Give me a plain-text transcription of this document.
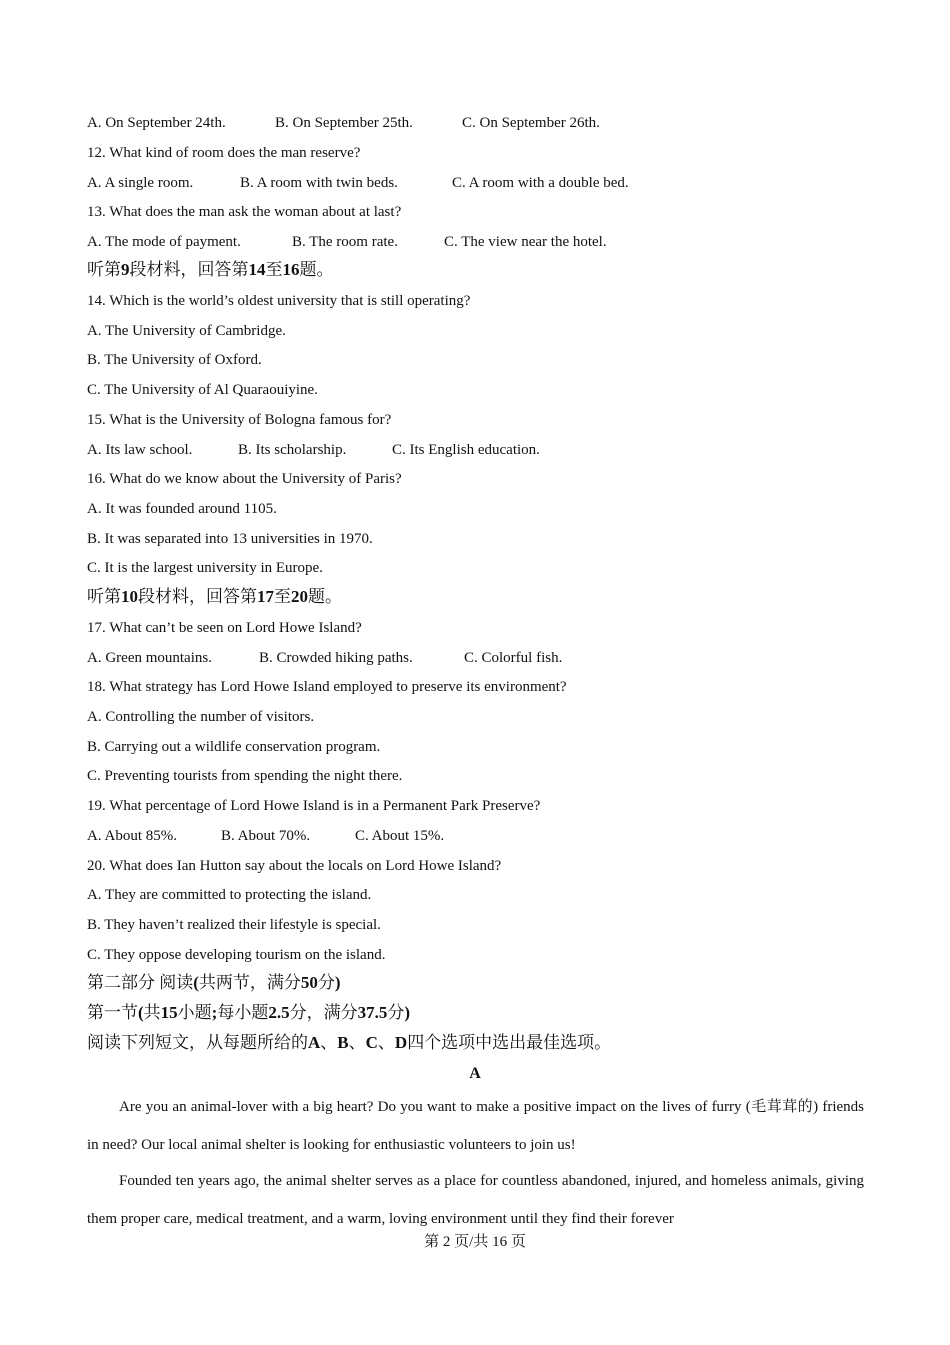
A. On September 24th.	B. On September 25th.	C. On September 26th.
12. What kind of room does the man reserve?
A. A single room.	B. A room with twin beds.	C. A room with a double bed.
13. What does the man ask the woman about at last?
A. The mode of payment.	B. The room rate.	C. The view near the hotel.
听第9段材料，回答第14至16题。
14. Which is the world’s oldest university that is still operating?
A. The University of Cambridge.
B. The University of Oxford.
C. The University of Al Quaraouiyine.
15. What is the University of Bologna famous for?
A. Its law school.	B. Its scholarship.	C. Its English education.
16. What do we know about the University of Paris?
A. It was founded around 1105.
B. It was separated into 13 universities in 1970.
C. It is the largest university in Europe.
听第10段材料，回答第17至20题。
17. What can’t be seen on Lord Howe Island?
A. Green mountains.	B. Crowded hiking paths.	C. Colorful fish.
18. What strategy has Lord Howe Island employed to preserve its environment?
A. Controlling the number of visitors.
B. Carrying out a wildlife conservation program.
C. Preventing tourists from spending the night there.
19. What percentage of Lord Howe Island is in a Permanent Park Preserve?
A. About 85%.	B. About 70%.	C. About 15%.
20. What does Ian Hutton say about the locals on Lord Howe Island?
A. They are committed to protecting the island.
B. They haven’t realized their lifestyle is special.
C. They oppose developing tourism on the island.
第二部分 阅读(共两节，满分50分)
第一节(共15小题;每小题2.5分，满分37.5分)
阅读下列短文，从每题所给的A、B、C、D四个选项中选出最佳选项。
A
Are you an animal-lover with a big heart? Do you want to make a positive impact on the lives of furry (毛茸茸的) friends in need? Our local animal shelter is looking for enthusiastic volunteers to join us!
Founded ten years ago, the animal shelter serves as a place for countless abandoned, injured, and homeless animals, giving them proper care, medical treatment, and a warm, loving environment until they find their forever
第 2 页/共 16 页
